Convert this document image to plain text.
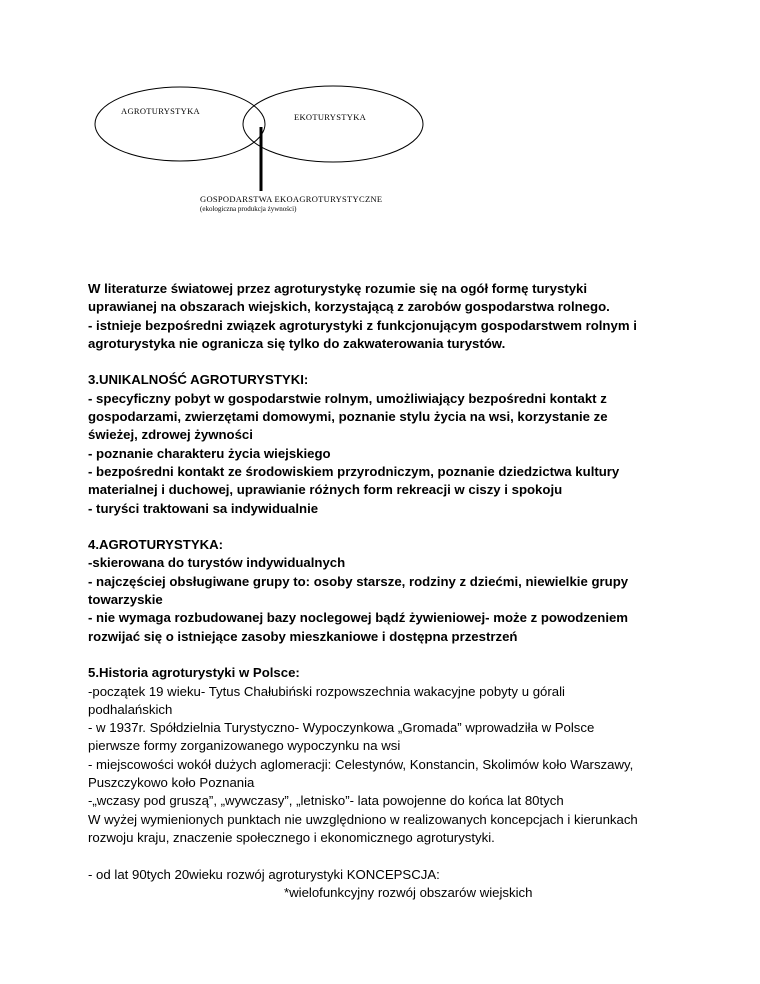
AGROTURYSTYKA
EKOTURYSTYKA
GOSPODARSTWA EKOAGROTURYSTYCZNE
(ekologiczna produkcja żywności)

W literaturze światowej przez agroturystykę rozumie się na ogół formę turystyki

uprawianej na obszarach wiejskich, korzystającą z zarobów gospodarstwa rolnego.

- istnieje bezpośredni związek agroturystyki z funkcjonującym gospodarstwem rolnym i

agroturystyka nie ogranicza się tylko do zakwaterowania turystów.

3.UNIKALNOŚĆ AGROTURYSTYKI:

- specyficzny pobyt w gospodarstwie rolnym, umożliwiający bezpośredni kontakt z

gospodarzami, zwierzętami domowymi, poznanie stylu życia na wsi, korzystanie ze

świeżej, zdrowej żywności

- poznanie charakteru życia wiejskiego

- bezpośredni kontakt ze środowiskiem przyrodniczym, poznanie dziedzictwa kultury

materialnej i duchowej, uprawianie różnych form rekreacji w ciszy i spokoju

- turyści traktowani sa indywidualnie

4.AGROTURYSTYKA:

-skierowana do turystów indywidualnych

- najczęściej obsługiwane grupy to: osoby starsze, rodziny z dziećmi, niewielkie grupy

towarzyskie

- nie wymaga rozbudowanej bazy noclegowej bądź żywieniowej- może z powodzeniem

rozwijać się o istniejące zasoby mieszkaniowe i dostępna przestrzeń

5.Historia agroturystyki w Polsce:

-początek 19 wieku- Tytus Chałubiński rozpowszechnia wakacyjne pobyty u górali

podhalańskich

- w 1937r. Spółdzielnia Turystyczno- Wypoczynkowa „Gromada” wprowadziła w Polsce

pierwsze formy zorganizowanego wypoczynku na wsi

- miejscowości wokół dużych aglomeracji: Celestynów, Konstancin, Skolimów koło Warszawy,

Puszczykowo koło Poznania

-„wczasy pod gruszą”, „wywczasy”, „letnisko”- lata powojenne do końca lat 80tych

W wyżej wymienionych punktach nie uwzględniono w realizowanych koncepcjach i kierunkach

rozwoju kraju, znaczenie społecznego i ekonomicznego agroturystyki.

- od lat 90tych 20wieku rozwój agroturystyki KONCEPSCJA:

*wielofunkcyjny rozwój obszarów wiejskich
